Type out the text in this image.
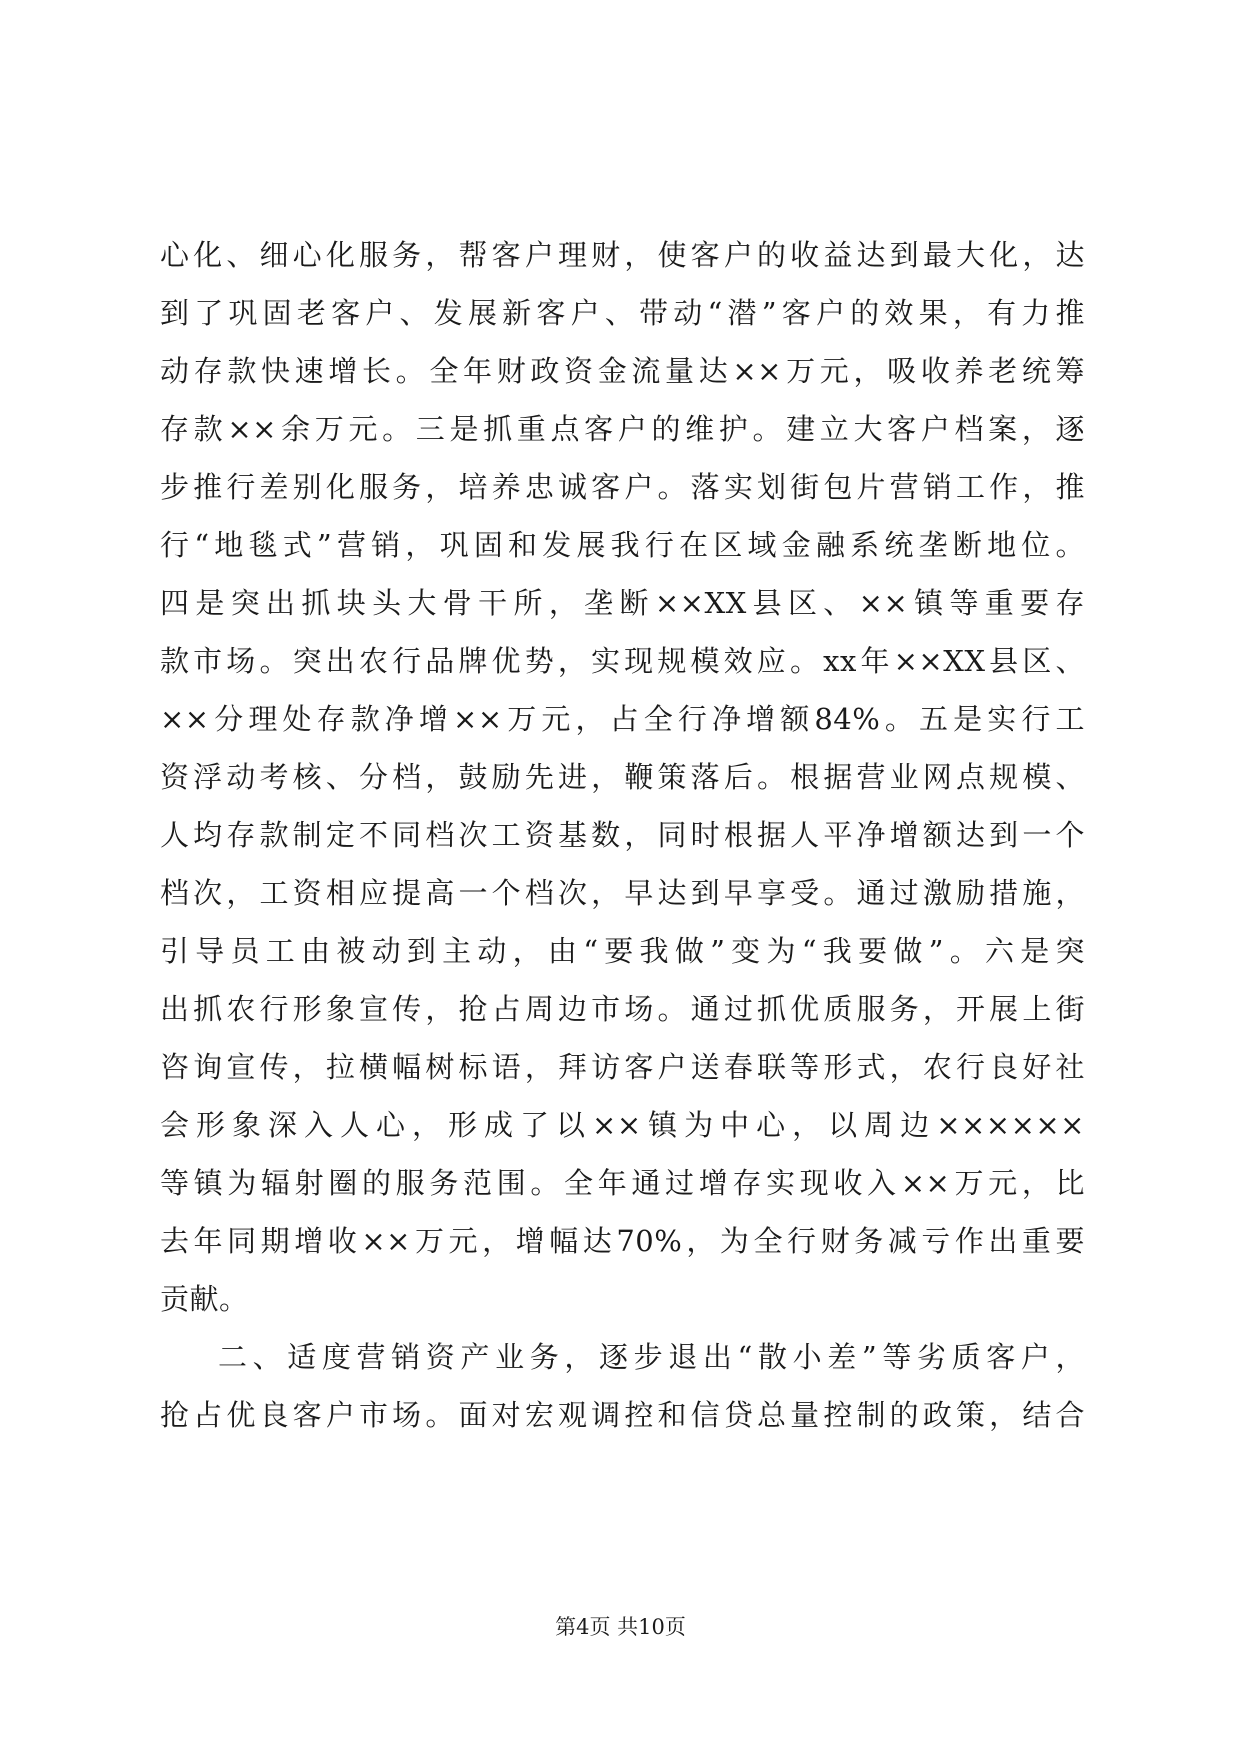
心化、细心化服务，帮客户理财，使客户的收益达到最大化，达
到了巩固老客户、发展新客户、带动“潜”客户的效果，有力推
动存款快速增长。全年财政资金流量达××万元，吸收养老统筹
存款××余万元。三是抓重点客户的维护。建立大客户档案，逐
步推行差别化服务，培养忠诚客户。落实划街包片营销工作，推
行“地毯式”营销，巩固和发展我行在区域金融系统垄断地位。
四是突出抓块头大骨干所，垄断××XX县区、××镇等重要存
款市场。突出农行品牌优势，实现规模效应。xx年××XX县区、
××分理处存款净增××万元，占全行净增额84%。五是实行工
资浮动考核、分档，鼓励先进，鞭策落后。根据营业网点规模、
人均存款制定不同档次工资基数，同时根据人平净增额达到一个
档次，工资相应提高一个档次，早达到早享受。通过激励措施，
引导员工由被动到主动，由“要我做”变为“我要做”。六是突
出抓农行形象宣传，抢占周边市场。通过抓优质服务，开展上街
咨询宣传，拉横幅树标语，拜访客户送春联等形式，农行良好社
会形象深入人心，形成了以××镇为中心，以周边××××××
等镇为辐射圈的服务范围。全年通过增存实现收入××万元，比
去年同期增收××万元，增幅达70%，为全行财务减亏作出重要
贡献。
二、适度营销资产业务，逐步退出“散小差”等劣质客户，
抢占优良客户市场。面对宏观调控和信贷总量控制的政策，结合
第4页 共10页
